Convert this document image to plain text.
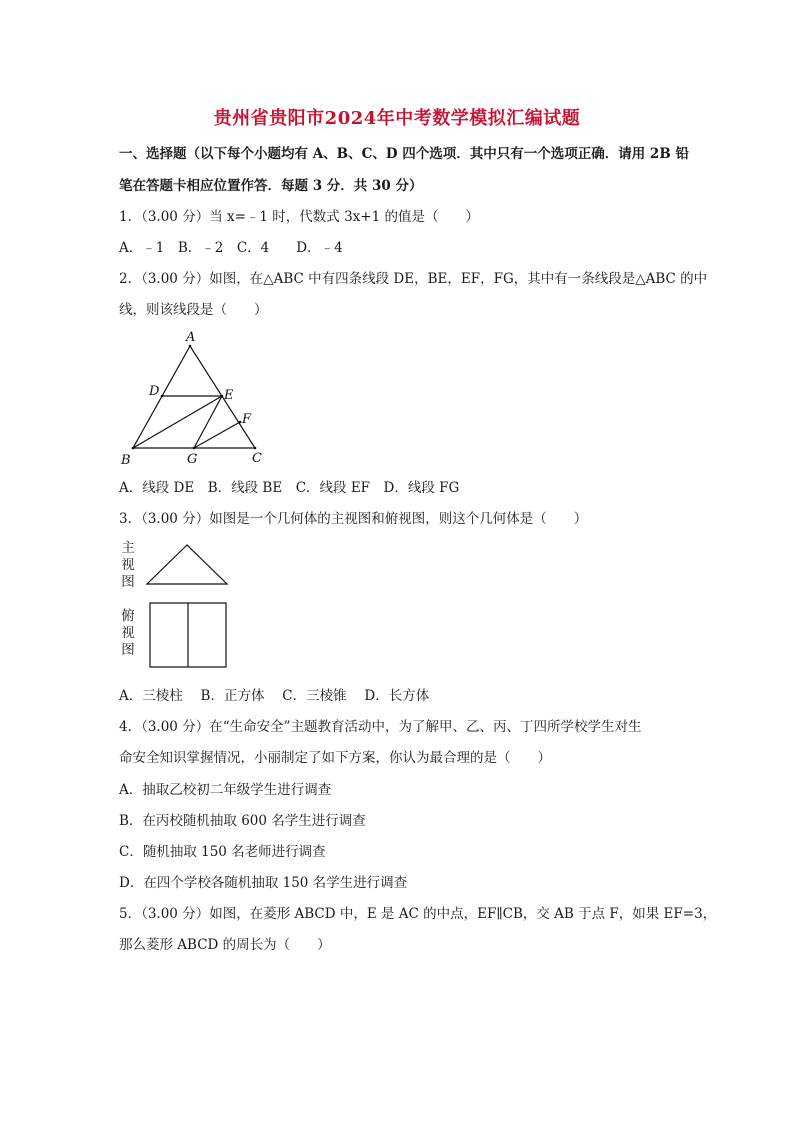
贵州省贵阳市2024年中考数学模拟汇编试题
一、选择题（以下每个小题均有 A、B、C、D 四个选项．其中只有一个选项正确．请用 2B 铅
笔在答题卡相应位置作答．每题 3 分．共 30 分）
1．（3.00 分）当 x=﹣1 时，代数式 3x+1 的值是（　　）
A．﹣1　B．﹣2　C．4　　D．﹣4
2．（3.00 分）如图，在△ABC 中有四条线段 DE，BE，EF，FG，其中有一条线段是△ABC 的中
线，则该线段是（　　）
A
D	E
F
B	G	C
A．线段 DE　B．线段 BE　C．线段 EF　D．线段 FG
3．（3.00 分）如图是一个几何体的主视图和俯视图，则这个几何体是（　　）
主
视
图
俯
视
图
A．三棱柱　 B．正方体　 C．三棱锥　 D．长方体
4．（3.00 分）在“生命安全”主题教育活动中，为了解甲、乙、丙、丁四所学校学生对生
命安全知识掌握情况，小丽制定了如下方案，你认为最合理的是（　　）
A．抽取乙校初二年级学生进行调查
B．在丙校随机抽取 600 名学生进行调查
C．随机抽取 150 名老师进行调查
D．在四个学校各随机抽取 150 名学生进行调查
5．（3.00 分）如图，在菱形 ABCD 中，E 是 AC 的中点，EF∥CB，交 AB 于点 F，如果 EF=3，
那么菱形 ABCD 的周长为（　　）
